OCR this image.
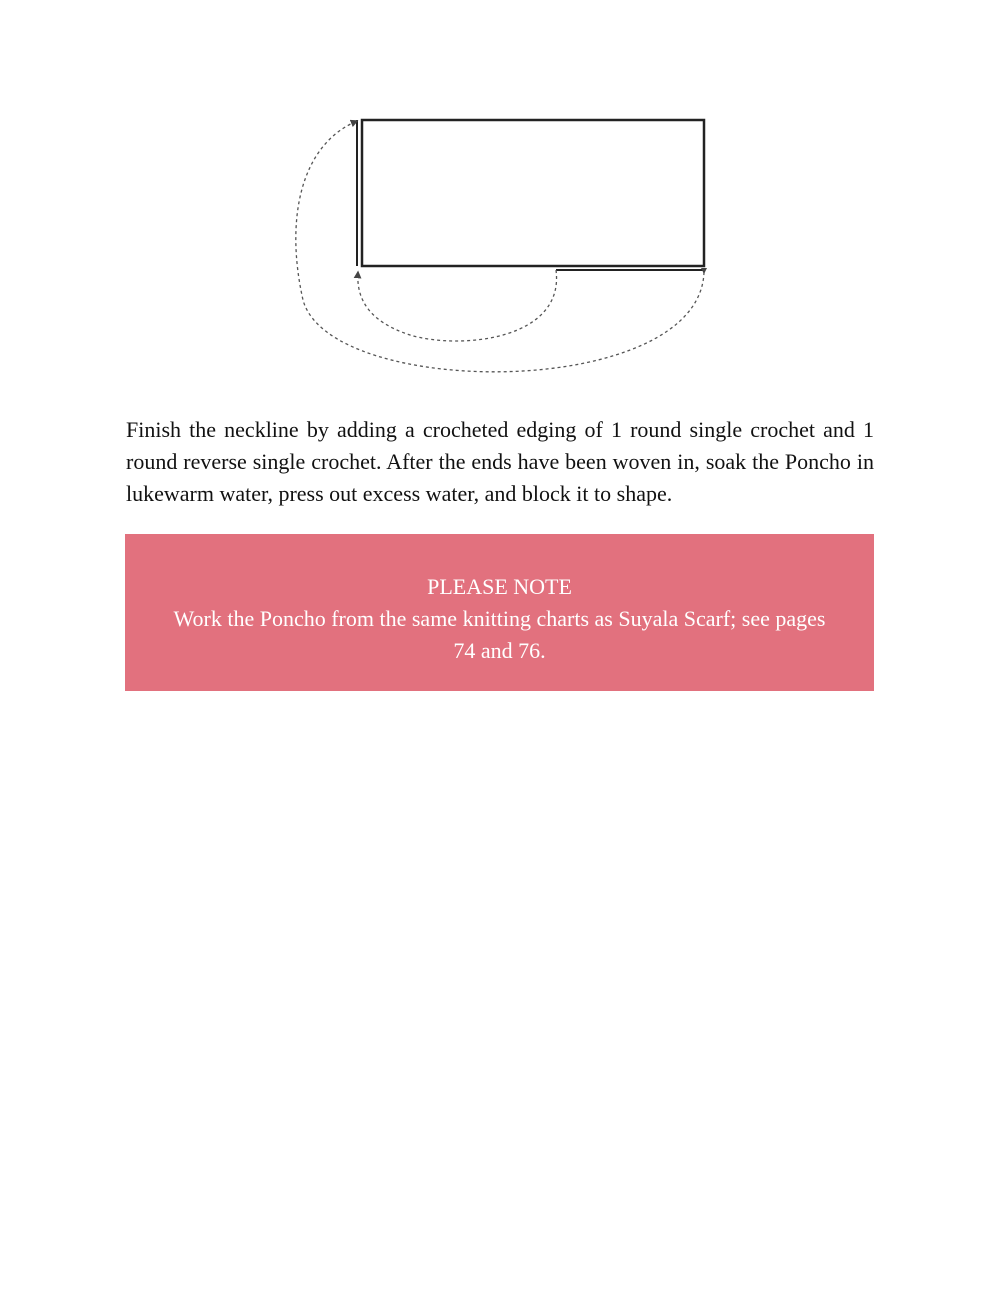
Finish the neckline by adding a crocheted edging of 1 round single crochet and 1 round reverse single crochet. After the ends have been woven in, soak the Poncho in lukewarm water, press out excess water, and block it to shape.

PLEASE NOTE
Work the Poncho from the same knitting charts as Suyala Scarf; see pages 74 and 76.
